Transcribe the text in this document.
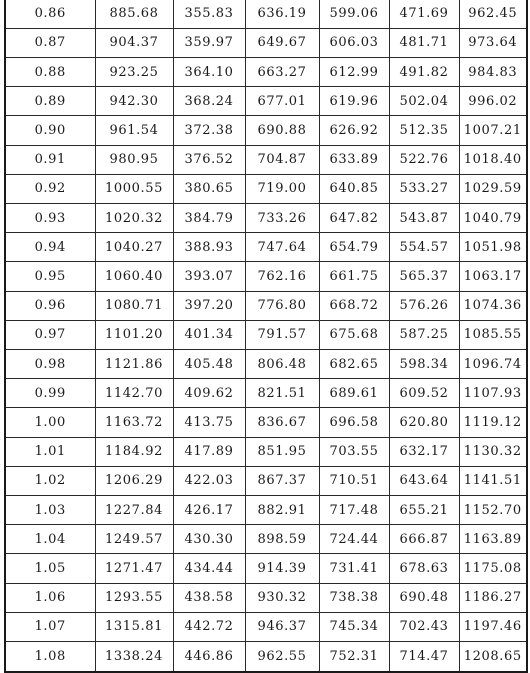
0.86	885.68	355.83	636.19	599.06	471.69	962.45
0.87	904.37	359.97	649.67	606.03	481.71	973.64
0.88	923.25	364.10	663.27	612.99	491.82	984.83
0.89	942.30	368.24	677.01	619.96	502.04	996.02
0.90	961.54	372.38	690.88	626.92	512.35	1007.21
0.91	980.95	376.52	704.87	633.89	522.76	1018.40
0.92	1000.55	380.65	719.00	640.85	533.27	1029.59
0.93	1020.32	384.79	733.26	647.82	543.87	1040.79
0.94	1040.27	388.93	747.64	654.79	554.57	1051.98
0.95	1060.40	393.07	762.16	661.75	565.37	1063.17
0.96	1080.71	397.20	776.80	668.72	576.26	1074.36
0.97	1101.20	401.34	791.57	675.68	587.25	1085.55
0.98	1121.86	405.48	806.48	682.65	598.34	1096.74
0.99	1142.70	409.62	821.51	689.61	609.52	1107.93
1.00	1163.72	413.75	836.67	696.58	620.80	1119.12
1.01	1184.92	417.89	851.95	703.55	632.17	1130.32
1.02	1206.29	422.03	867.37	710.51	643.64	1141.51
1.03	1227.84	426.17	882.91	717.48	655.21	1152.70
1.04	1249.57	430.30	898.59	724.44	666.87	1163.89
1.05	1271.47	434.44	914.39	731.41	678.63	1175.08
1.06	1293.55	438.58	930.32	738.38	690.48	1186.27
1.07	1315.81	442.72	946.37	745.34	702.43	1197.46
1.08	1338.24	446.86	962.55	752.31	714.47	1208.65
